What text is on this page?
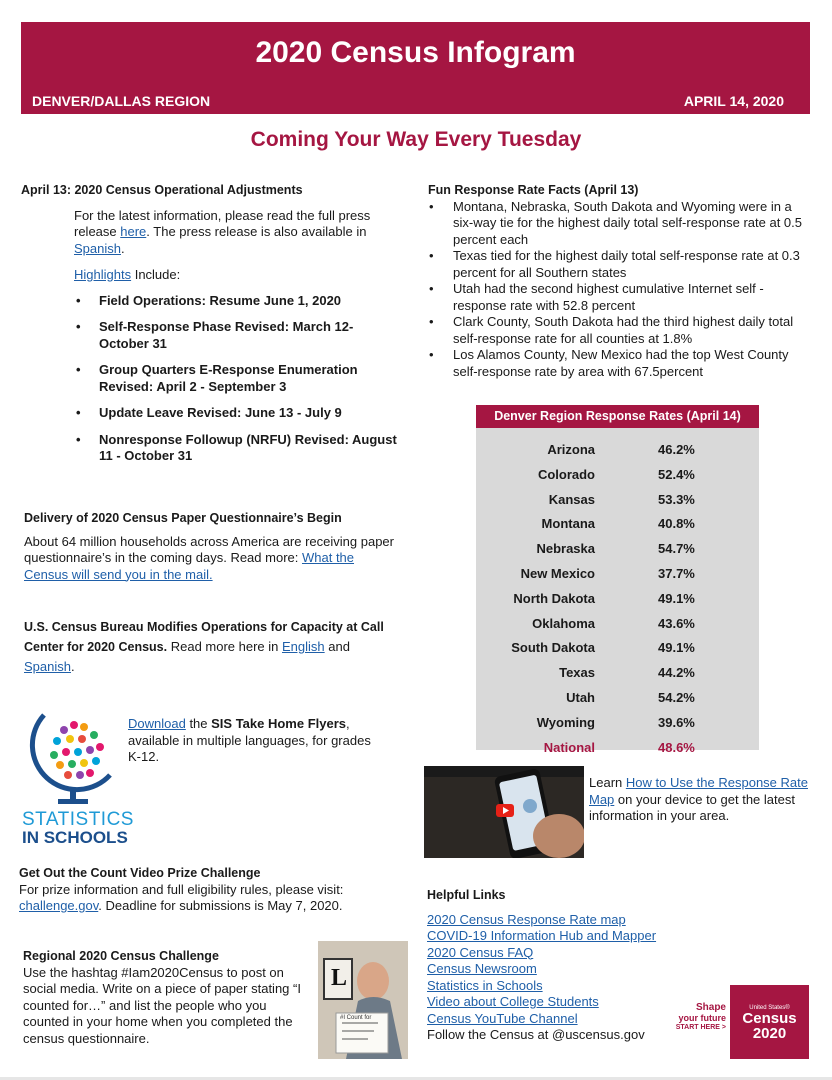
2020 Census Infogram
DENVER/DALLAS REGION	APRIL 14, 2020
Coming Your Way Every Tuesday
April 13: 2020 Census Operational Adjustments
For the latest information, please read the full press release here. The press release is also available in Spanish.
Highlights Include:
• Field Operations: Resume June 1, 2020
• Self-Response Phase Revised: March 12- October 31
• Group Quarters E-Response Enumeration Revised: April 2 - September 3
• Update Leave Revised: June 13 - July 9
• Nonresponse Followup (NRFU) Revised: August 11 - October 31
Fun Response Rate Facts (April 13)
• Montana, Nebraska, South Dakota and Wyoming were in a six-way tie for the highest daily total self-response rate at 0.5 percent each
• Texas tied for the highest daily total self-response rate at 0.3 percent for all Southern states
• Utah had the second highest cumulative Internet self -response rate with 52.8 percent
• Clark County, South Dakota had the third highest daily total self-response rate for all counties at 1.8%
• Los Alamos County, New Mexico had the top West County self-response rate by area with 67.5percent
Denver Region Response Rates (April 14)
Arizona	46.2%
Colorado	52.4%
Kansas	53.3%
Montana	40.8%
Nebraska	54.7%
New Mexico	37.7%
North Dakota	49.1%
Oklahoma	43.6%
South Dakota	49.1%
Texas	44.2%
Utah	54.2%
Wyoming	39.6%
National	48.6%
Delivery of 2020 Census Paper Questionnaire’s Begin
About 64 million households across America are receiving paper questionnaire’s in the coming days. Read more: What the Census will send you in the mail.
U.S. Census Bureau Modifies Operations for Capacity at Call Center for 2020 Census. Read more here in English and Spanish.
STATISTICS
IN SCHOOLS
Download the SIS Take Home Flyers, available in multiple languages, for grades K-12.
Learn How to Use the Response Rate Map on your device to get the latest information in your area.
Get Out the Count Video Prize Challenge
For prize information and full eligibility rules, please visit: challenge.gov. Deadline for submissions is May 7, 2020.
Regional 2020 Census Challenge
Use the hashtag #Iam2020Census to post on social media. Write on a piece of paper stating “I counted for…” and list the people who you counted in your home when you completed the census questionnaire.
L
#I Count for
Helpful Links
2020 Census Response Rate map
COVID-19 Information Hub and Mapper
2020 Census FAQ
Census Newsroom
Statistics in Schools
Video about College Students
Census YouTube Channel
Follow the Census at @uscensus.gov
Shape
your future
START HERE >
United States®
Census
2020
